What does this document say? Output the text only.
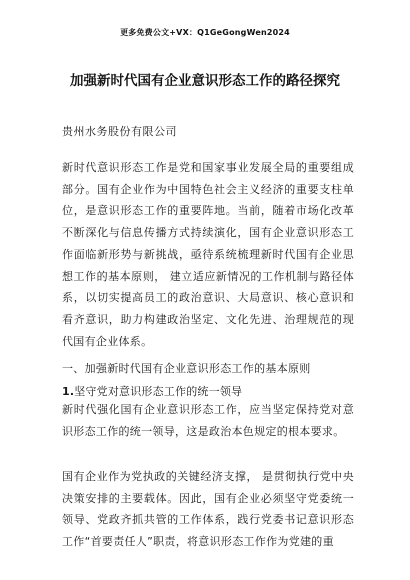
更多免费公文+VX：Q1GeGongWen2024
加强新时代国有企业意识形态工作的路径探究
贵州水务股份有限公司
新时代意识形态工作是党和国家事业发展全局的重要组成部分。国有企业作为中国特色社会主义经济的重要支柱单位，是意识形态工作的重要阵地。当前，随着市场化改革不断深化与信息传播方式持续演化，国有企业意识形态工作面临新形势与新挑战，亟待系统梳理新时代国有企业思想工作的基本原则， 建立适应新情况的工作机制与路径体系，以切实提高员工的政治意识、大局意识、核心意识和看齐意识，助力构建政治坚定、文化先进、治理规范的现代国有企业体系。
一、加强新时代国有企业意识形态工作的基本原则
1.坚守党对意识形态工作的统一领导
新时代强化国有企业意识形态工作，应当坚定保持党对意识形态工作的统一领导，这是政治本色规定的根本要求。
国有企业作为党执政的关键经济支撑， 是贯彻执行党中央决策安排的主要载体。因此，国有企业必须坚守党委统一领导、党政齐抓共管的工作体系，践行党委书记意识形态工作“首要责任人”职责，将意识形态工作作为党建的重
